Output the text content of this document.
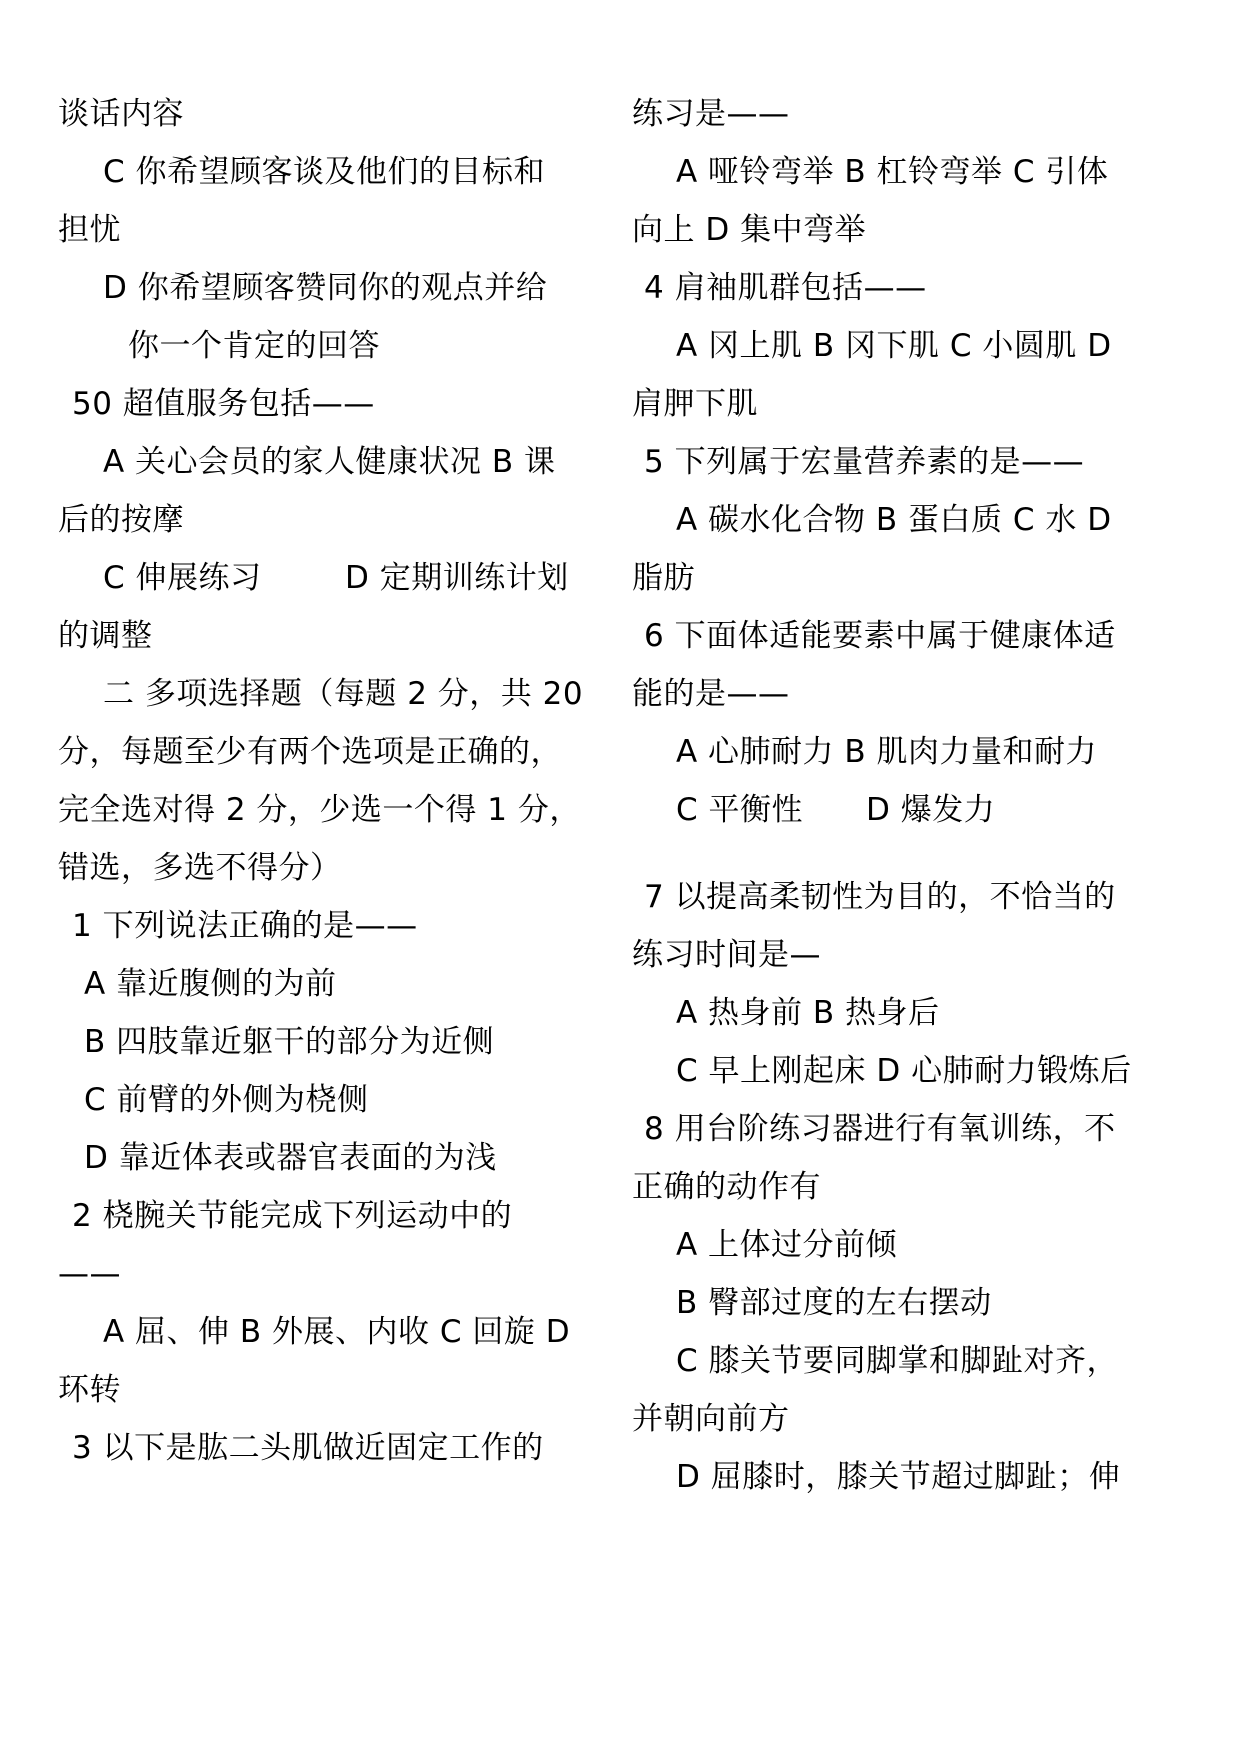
谈话内容
C 你希望顾客谈及他们的目标和
担忧
D 你希望顾客赞同你的观点并给
你一个肯定的回答
50 超值服务包括——
A 关心会员的家人健康状况 B 课
后的按摩
C 伸展练习	D 定期训练计划
的调整
二 多项选择题（每题 2 分，共 20
分，每题至少有两个选项是正确的，
完全选对得 2 分，少选一个得 1 分，
错选，多选不得分）
1 下列说法正确的是——
A 靠近腹侧的为前
B 四肢靠近躯干的部分为近侧
C 前臂的外侧为桡侧
D 靠近体表或器官表面的为浅
2 桡腕关节能完成下列运动中的
——
A 屈、伸 B 外展、内收 C 回旋 D
环转
3 以下是肱二头肌做近固定工作的
练习是——
A 哑铃弯举 B 杠铃弯举 C 引体
向上 D 集中弯举
4 肩袖肌群包括——
A 冈上肌 B 冈下肌 C 小圆肌 D
肩胛下肌
5 下列属于宏量营养素的是——
A 碳水化合物 B 蛋白质 C 水 D
脂肪
6 下面体适能要素中属于健康体适
能的是——
A 心肺耐力 B 肌肉力量和耐力
C 平衡性 D 爆发力
7 以提高柔韧性为目的，不恰当的
练习时间是—
A 热身前 B 热身后
C 早上刚起床 D 心肺耐力锻炼后
8 用台阶练习器进行有氧训练，不
正确的动作有
A 上体过分前倾
B 臀部过度的左右摆动
C 膝关节要同脚掌和脚趾对齐，
并朝向前方
D 屈膝时，膝关节超过脚趾；伸
